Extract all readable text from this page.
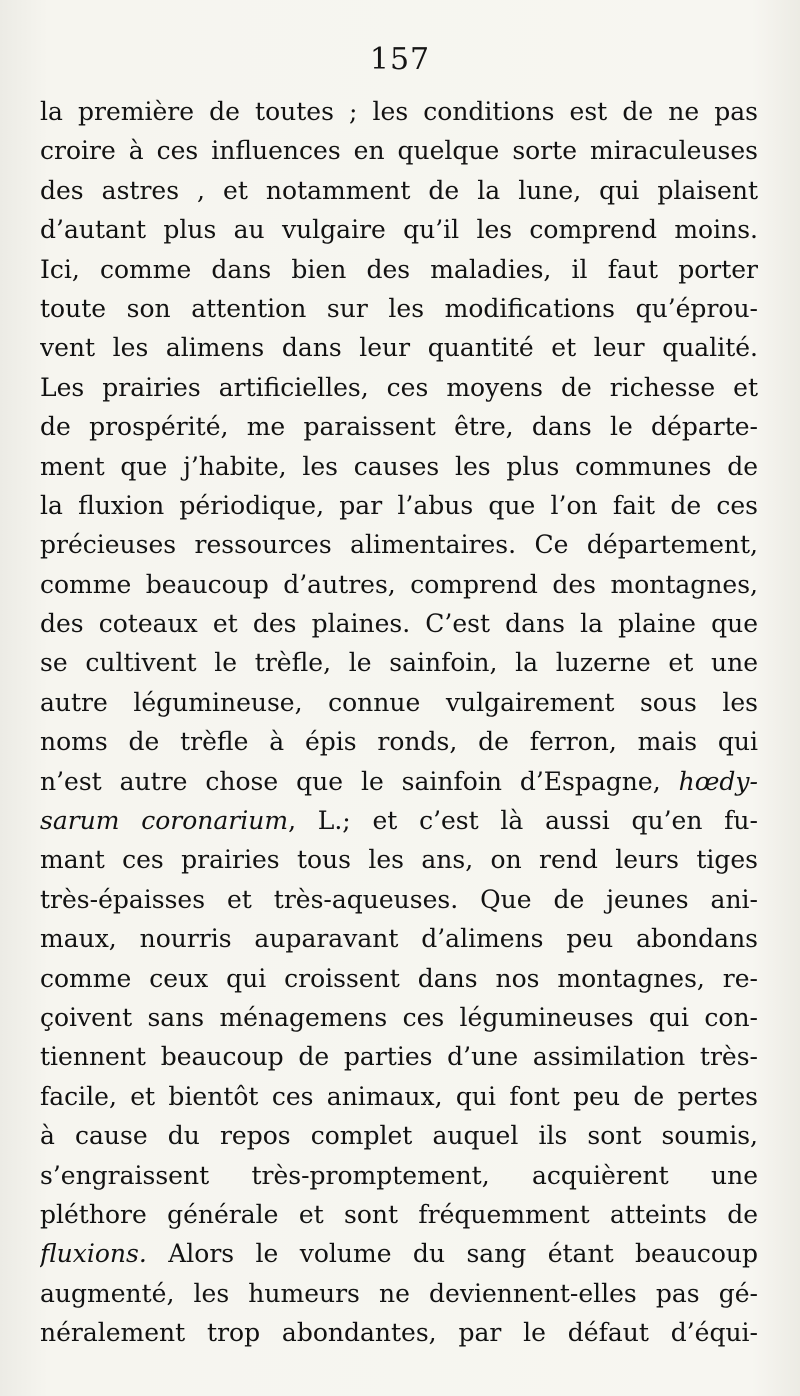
157
la première de toutes ; les conditions est de ne pas
croire à ces influences en quelque sorte miraculeuses
des astres , et notamment de la lune, qui plaisent
d’autant plus au vulgaire qu’il les comprend moins.
Ici, comme dans bien des maladies, il faut porter
toute son attention sur les modifications qu’éprou-
vent les alimens dans leur quantité et leur qualité.
Les prairies artificielles, ces moyens de richesse et
de prospérité, me paraissent être, dans le départe-
ment que j’habite, les causes les plus communes de
la fluxion périodique, par l’abus que l’on fait de ces
précieuses ressources alimentaires. Ce département,
comme beaucoup d’autres, comprend des montagnes,
des coteaux et des plaines. C’est dans la plaine que
se cultivent le trèfle, le sainfoin, la luzerne et une
autre légumineuse, connue vulgairement sous les
noms de trèfle à épis ronds, de ferron, mais qui
n’est autre chose que le sainfoin d’Espagne, hœdy-
sarum coronarium, L.; et c’est là aussi qu’en fu-
mant ces prairies tous les ans, on rend leurs tiges
très-épaisses et très-aqueuses. Que de jeunes ani-
maux, nourris auparavant d’alimens peu abondans
comme ceux qui croissent dans nos montagnes, re-
çoivent sans ménagemens ces légumineuses qui con-
tiennent beaucoup de parties d’une assimilation très-
facile, et bientôt ces animaux, qui font peu de pertes
à cause du repos complet auquel ils sont soumis,
s’engraissent très-promptement, acquièrent une
pléthore générale et sont fréquemment atteints de
fluxions. Alors le volume du sang étant beaucoup
augmenté, les humeurs ne deviennent-elles pas gé-
néralement trop abondantes, par le défaut d’équi-
